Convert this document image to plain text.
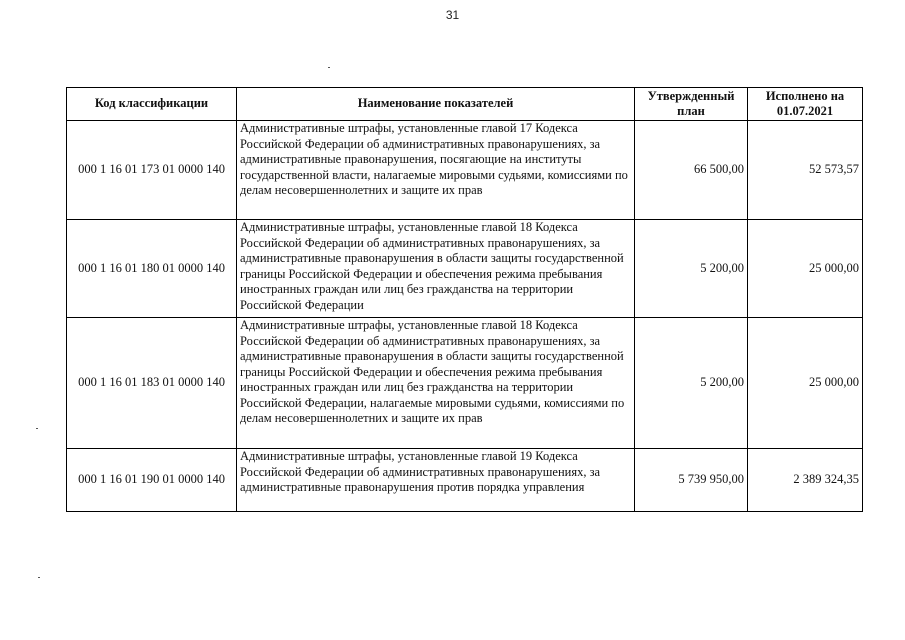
31
Код классификации	Наименование показателей	Утвержденный план	Исполнено на 01.07.2021
000 1 16 01 173 01 0000 140	Административные штрафы, установленные главой 17 Кодекса Российской Федерации об административных правонарушениях, за административные правонарушения, посягающие на институты государственной власти, налагаемые мировыми судьями, комиссиями по делам несовершеннолетних и защите их прав	66 500,00	52 573,57
000 1 16 01 180 01 0000 140	Административные штрафы, установленные главой 18 Кодекса Российской Федерации об административных правонарушениях, за административные правонарушения в области защиты государственной границы Российской Федерации и обеспечения режима пребывания иностранных граждан или лиц без гражданства на территории Российской Федерации	5 200,00	25 000,00
000 1 16 01 183 01 0000 140	Административные штрафы, установленные главой 18 Кодекса Российской Федерации об административных правонарушениях, за административные правонарушения в области защиты государственной границы Российской Федерации и обеспечения режима пребывания иностранных граждан или лиц без гражданства на территории Российской Федерации, налагаемые мировыми судьями, комиссиями по делам несовершеннолетних и защите их прав	5 200,00	25 000,00
000 1 16 01 190 01 0000 140	Административные штрафы, установленные главой 19 Кодекса Российской Федерации об административных правонарушениях, за административные правонарушения против порядка управления	5 739 950,00	2 389 324,35
